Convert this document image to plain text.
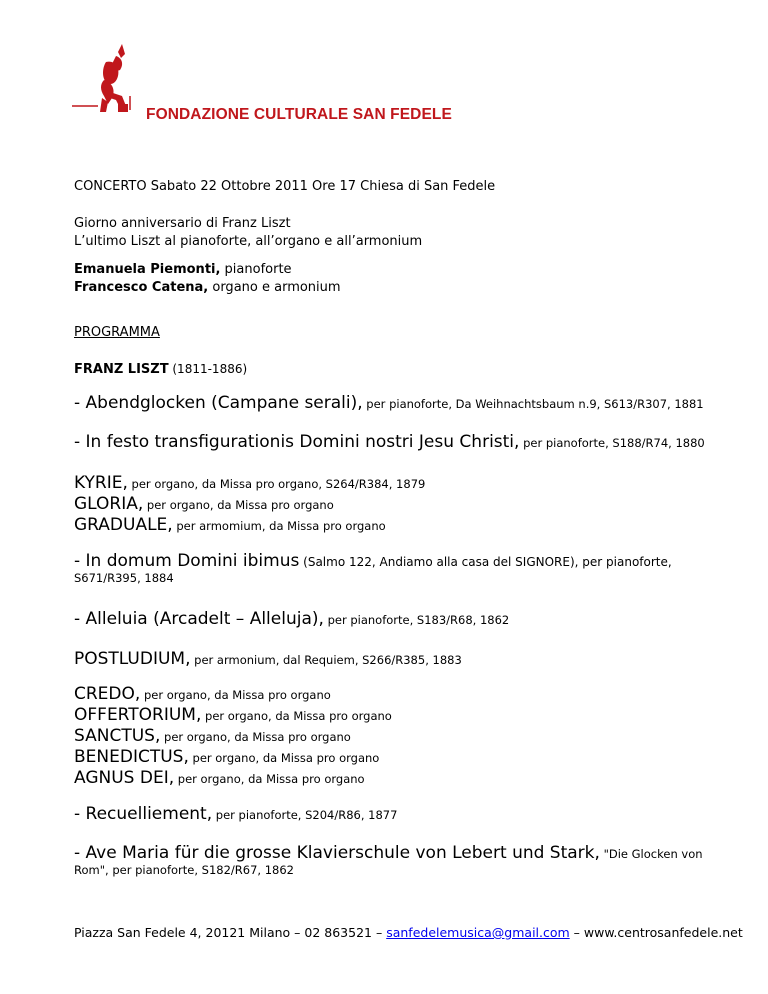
FONDAZIONE CULTURALE SAN FEDELE
CONCERTO Sabato 22 Ottobre 2011 Ore 17 Chiesa di San Fedele
Giorno anniversario di Franz Liszt
L’ultimo Liszt al pianoforte, all’organo e all’armonium
Emanuela Piemonti, pianoforte
Francesco Catena, organo e armonium
PROGRAMMA
FRANZ LISZT (1811-1886)
- Abendglocken (Campane serali), per pianoforte, Da Weihnachtsbaum n.9, S613/R307, 1881
- In festo transfigurationis Domini nostri Jesu Christi, per pianoforte, S188/R74, 1880
KYRIE, per organo, da Missa pro organo, S264/R384, 1879
GLORIA, per organo, da Missa pro organo
GRADUALE, per armomium, da Missa pro organo
- In domum Domini ibimus (Salmo 122, Andiamo alla casa del SIGNORE), per pianoforte,
S671/R395, 1884
- Alleluia (Arcadelt – Alleluja), per pianoforte, S183/R68, 1862
POSTLUDIUM, per armonium, dal Requiem, S266/R385, 1883
CREDO, per organo, da Missa pro organo
OFFERTORIUM, per organo, da Missa pro organo
SANCTUS, per organo, da Missa pro organo
BENEDICTUS, per organo, da Missa pro organo
AGNUS DEI, per organo, da Missa pro organo
- Recuelliement, per pianoforte, S204/R86, 1877
- Ave Maria für die grosse Klavierschule von Lebert und Stark, "Die Glocken von
Rom", per pianoforte, S182/R67, 1862
Piazza San Fedele 4, 20121 Milano – 02 863521 – sanfedelemusica@gmail.com – www.centrosanfedele.net
